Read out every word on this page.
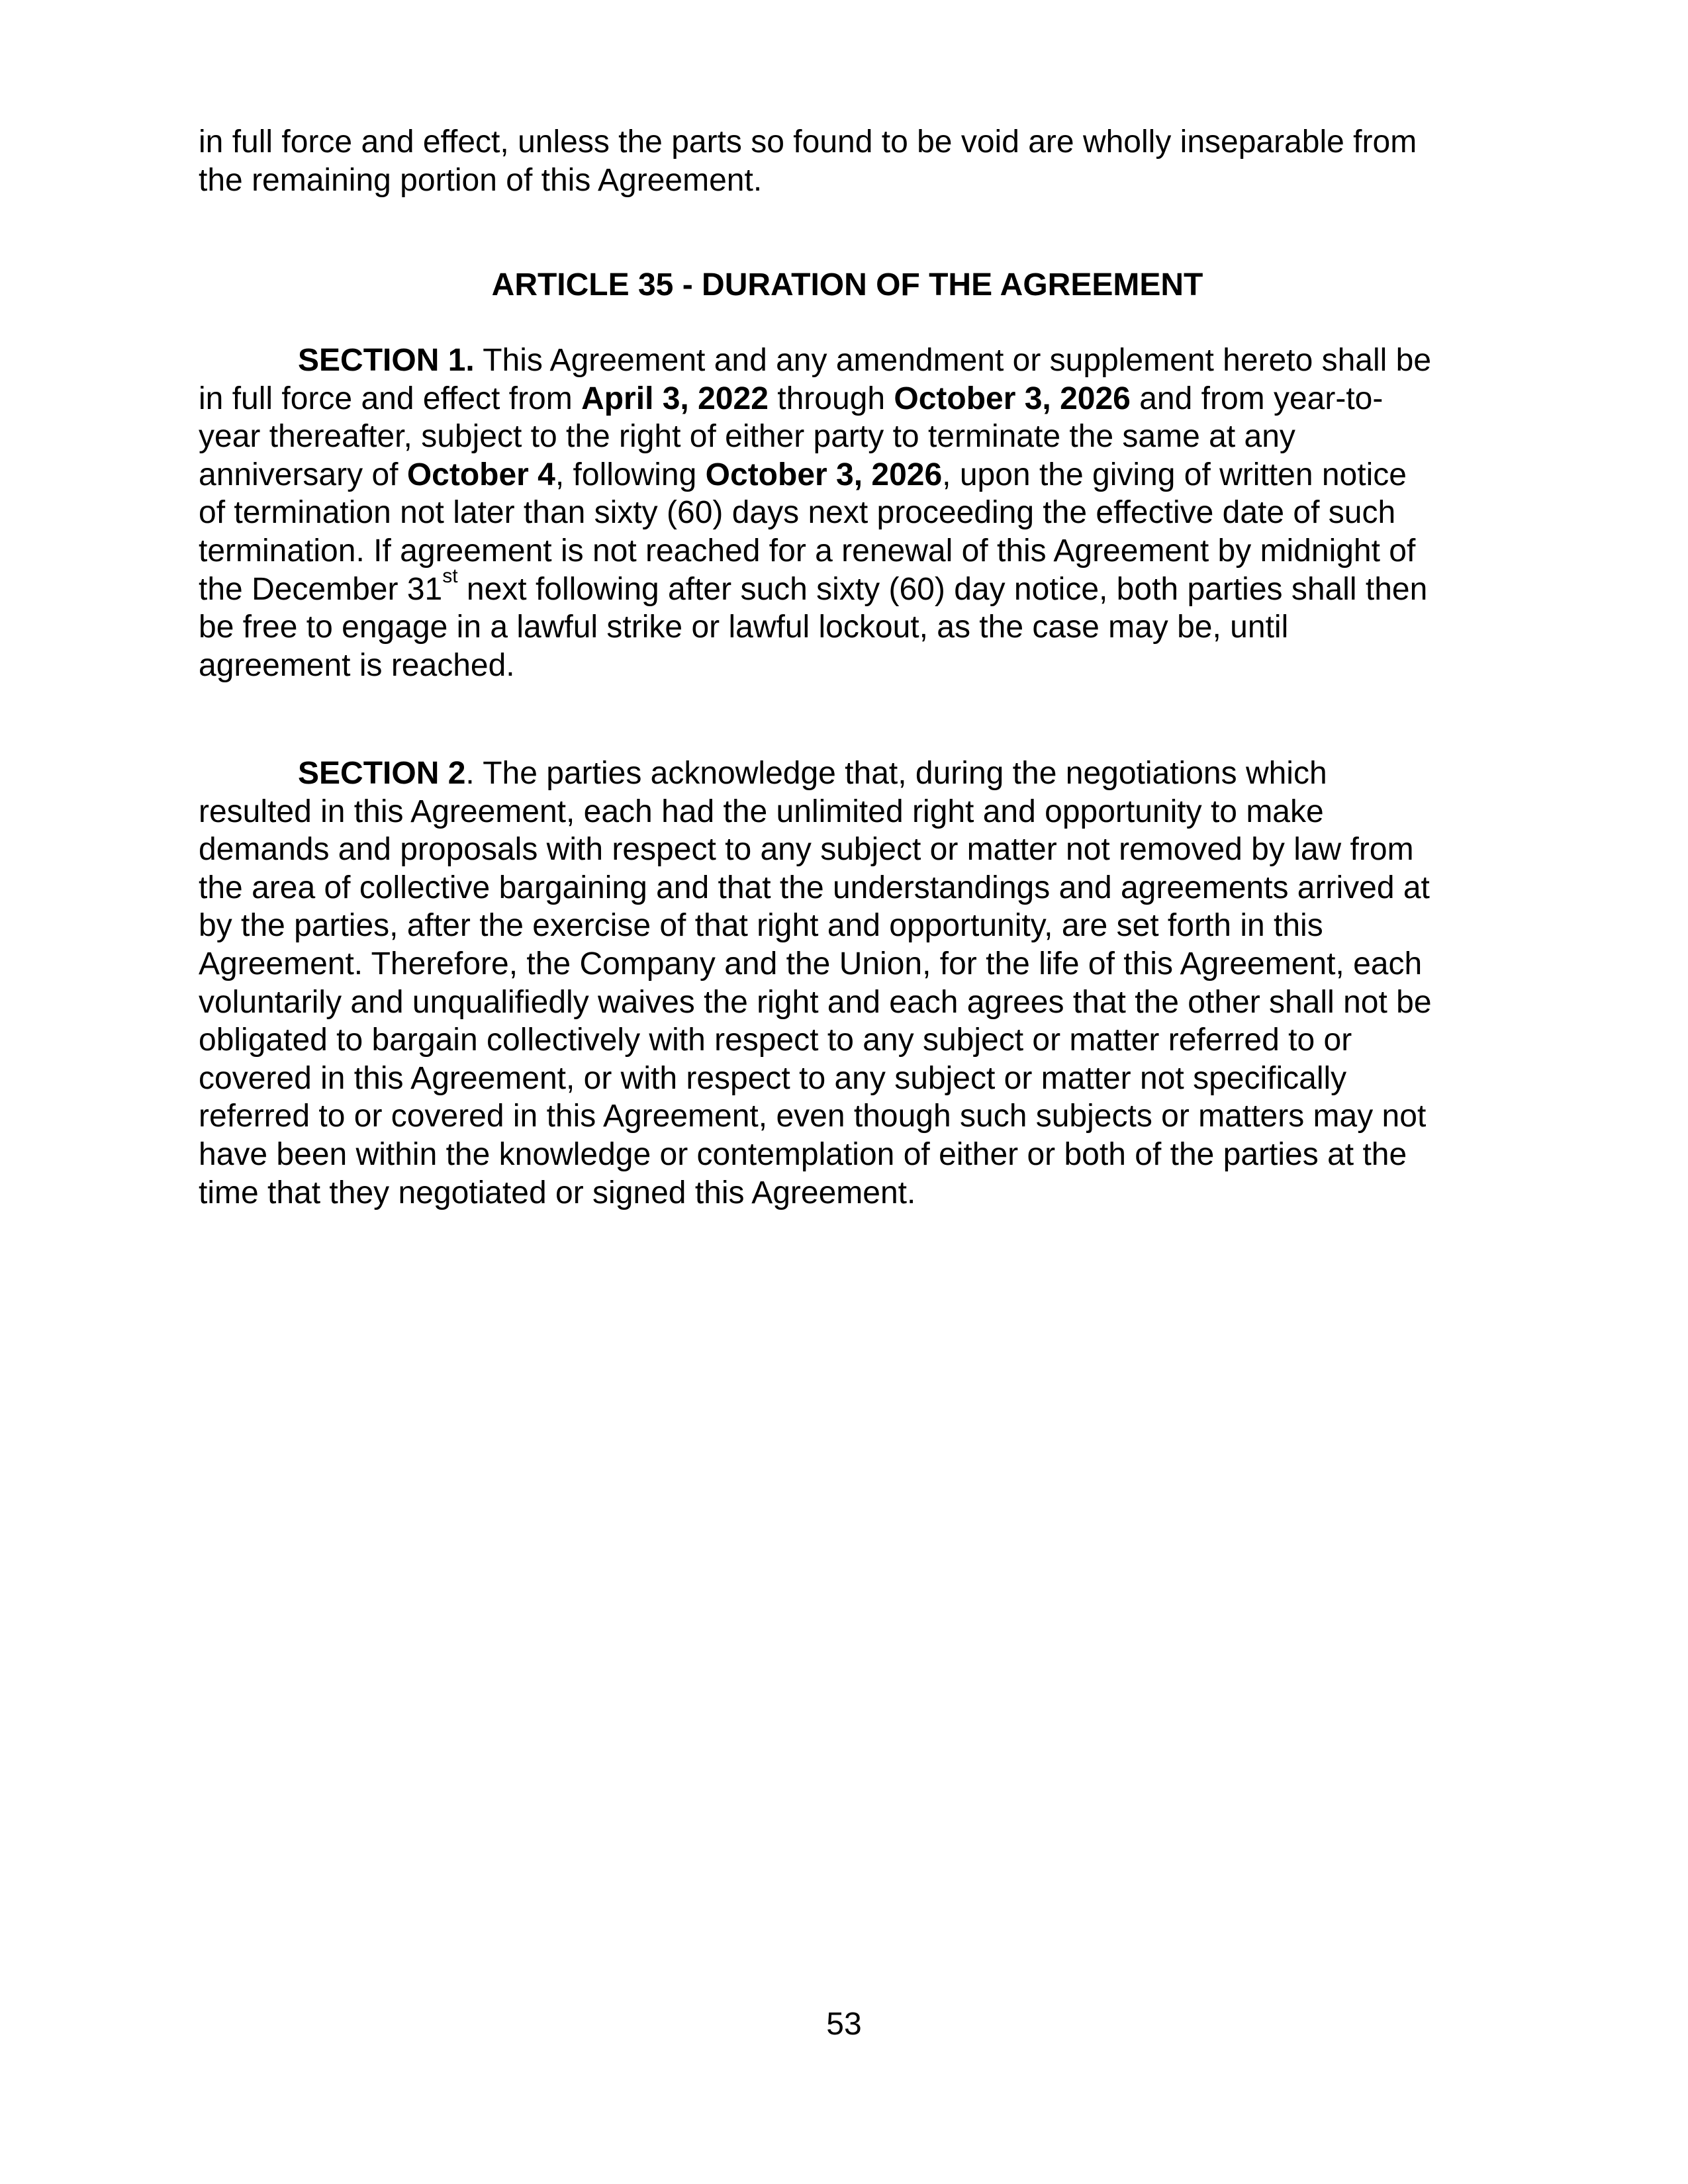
in full force and effect, unless the parts so found to be void are wholly inseparable from
the remaining portion of this Agreement.
ARTICLE 35 - DURATION OF THE AGREEMENT
SECTION 1. This Agreement and any amendment or supplement hereto shall be
in full force and effect from April 3, 2022 through October 3, 2026 and from year-to-
year thereafter, subject to the right of either party to terminate the same at any
anniversary of October 4, following October 3, 2026, upon the giving of written notice
of termination not later than sixty (60) days next proceeding the effective date of such
termination. If agreement is not reached for a renewal of this Agreement by midnight of
the December 31st next following after such sixty (60) day notice, both parties shall then
be free to engage in a lawful strike or lawful lockout, as the case may be, until
agreement is reached.
SECTION 2. The parties acknowledge that, during the negotiations which
resulted in this Agreement, each had the unlimited right and opportunity to make
demands and proposals with respect to any subject or matter not removed by law from
the area of collective bargaining and that the understandings and agreements arrived at
by the parties, after the exercise of that right and opportunity, are set forth in this
Agreement. Therefore, the Company and the Union, for the life of this Agreement, each
voluntarily and unqualifiedly waives the right and each agrees that the other shall not be
obligated to bargain collectively with respect to any subject or matter referred to or
covered in this Agreement, or with respect to any subject or matter not specifically
referred to or covered in this Agreement, even though such subjects or matters may not
have been within the knowledge or contemplation of either or both of the parties at the
time that they negotiated or signed this Agreement.
53
